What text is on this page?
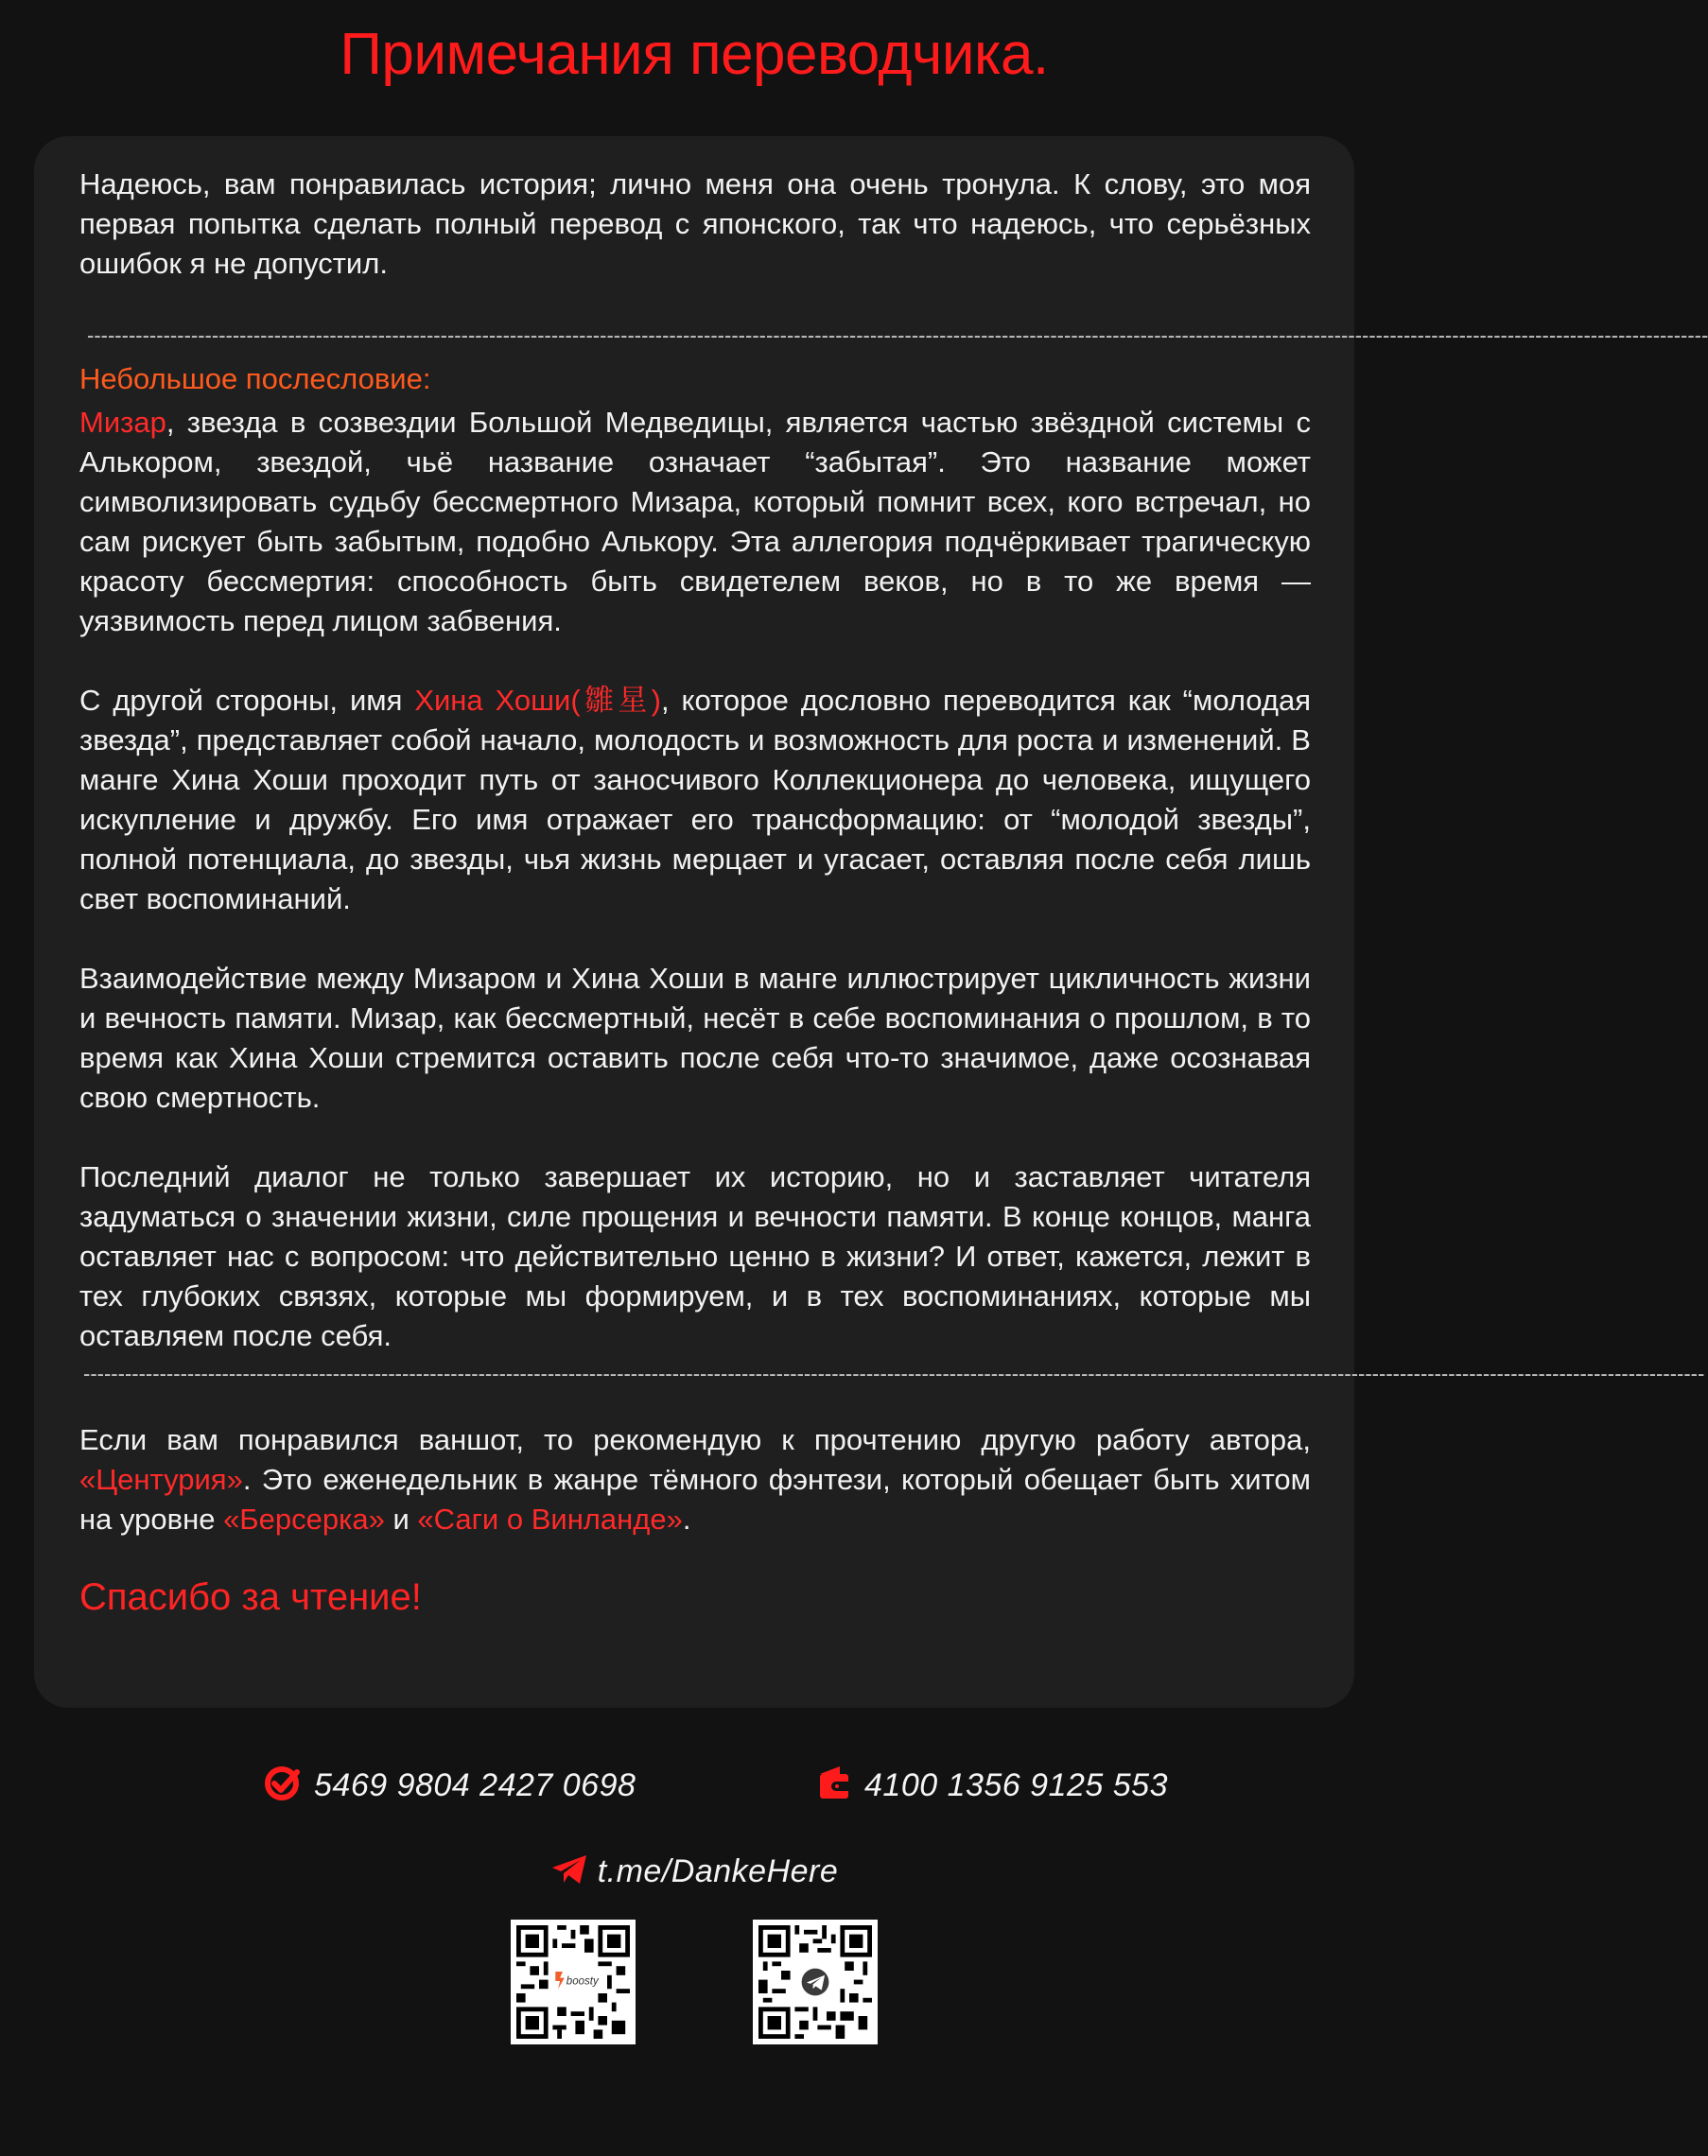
Примечания переводчика.

Надеюсь, вам понравилась история; лично меня она очень тронула. К слову, это моя первая попытка сделать полный перевод с японского, так что надеюсь, что серьёзных ошибок я не допустил.

------------------------------------------------------------------------------------------------------------------------------------------------------------------------------------------------------------------------------------------
Небольшое послесловие:

Мизар, звезда в созвездии Большой Медведицы, является частью звёздной системы с Алькором, звездой, чьё название означает “забытая”. Это название может символизировать судьбу бессмертного Мизара, который помнит всех, кого встречал, но сам рискует быть забытым, подобно Алькору. Эта аллегория подчёркивает трагическую красоту бессмертия: способность быть свидетелем веков, но в то же время — уязвимость перед лицом забвения.

С другой стороны, имя Хина Хоши(雛星), которое дословно переводится как “молодая звезда”, представляет собой начало, молодость и возможность для роста и изменений. В манге Хина Хоши проходит путь от заносчивого Коллекционера до человека, ищущего искупление и дружбу. Его имя отражает его трансформацию: от “молодой звезды”, полной потенциала, до звезды, чья жизнь мерцает и угасает, оставляя после себя лишь свет воспоминаний.

Взаимодействие между Мизаром и Хина Хоши в манге иллюстрирует цикличность жизни и вечность памяти. Мизар, как бессмертный, несёт в себе воспоминания о прошлом, в то время как Хина Хоши стремится оставить после себя что-то значимое, даже осознавая свою смертность.

Последний диалог не только завершает их историю, но и заставляет читателя задуматься о значении жизни, силе прощения и вечности памяти. В конце концов, манга оставляет нас с вопросом: что действительно ценно в жизни? И ответ, кажется, лежит в тех глубоких связях, которые мы формируем, и в тех воспоминаниях, которые мы оставляем после себя.

------------------------------------------------------------------------------------------------------------------------------------------------------------------------------------------------------------------------------------------

Если вам понравился ваншот, то рекомендую к прочтению другую работу автора, «Центурия». Это еженедельник в жанре тёмного фэнтези, который обещает быть хитом на уровне «Берсерка» и «Саги о Винланде».

Спасибо за чтение!
5469 9804 2427 0698	4100 1356 9125 553
t.me/DankeHere
boosty
